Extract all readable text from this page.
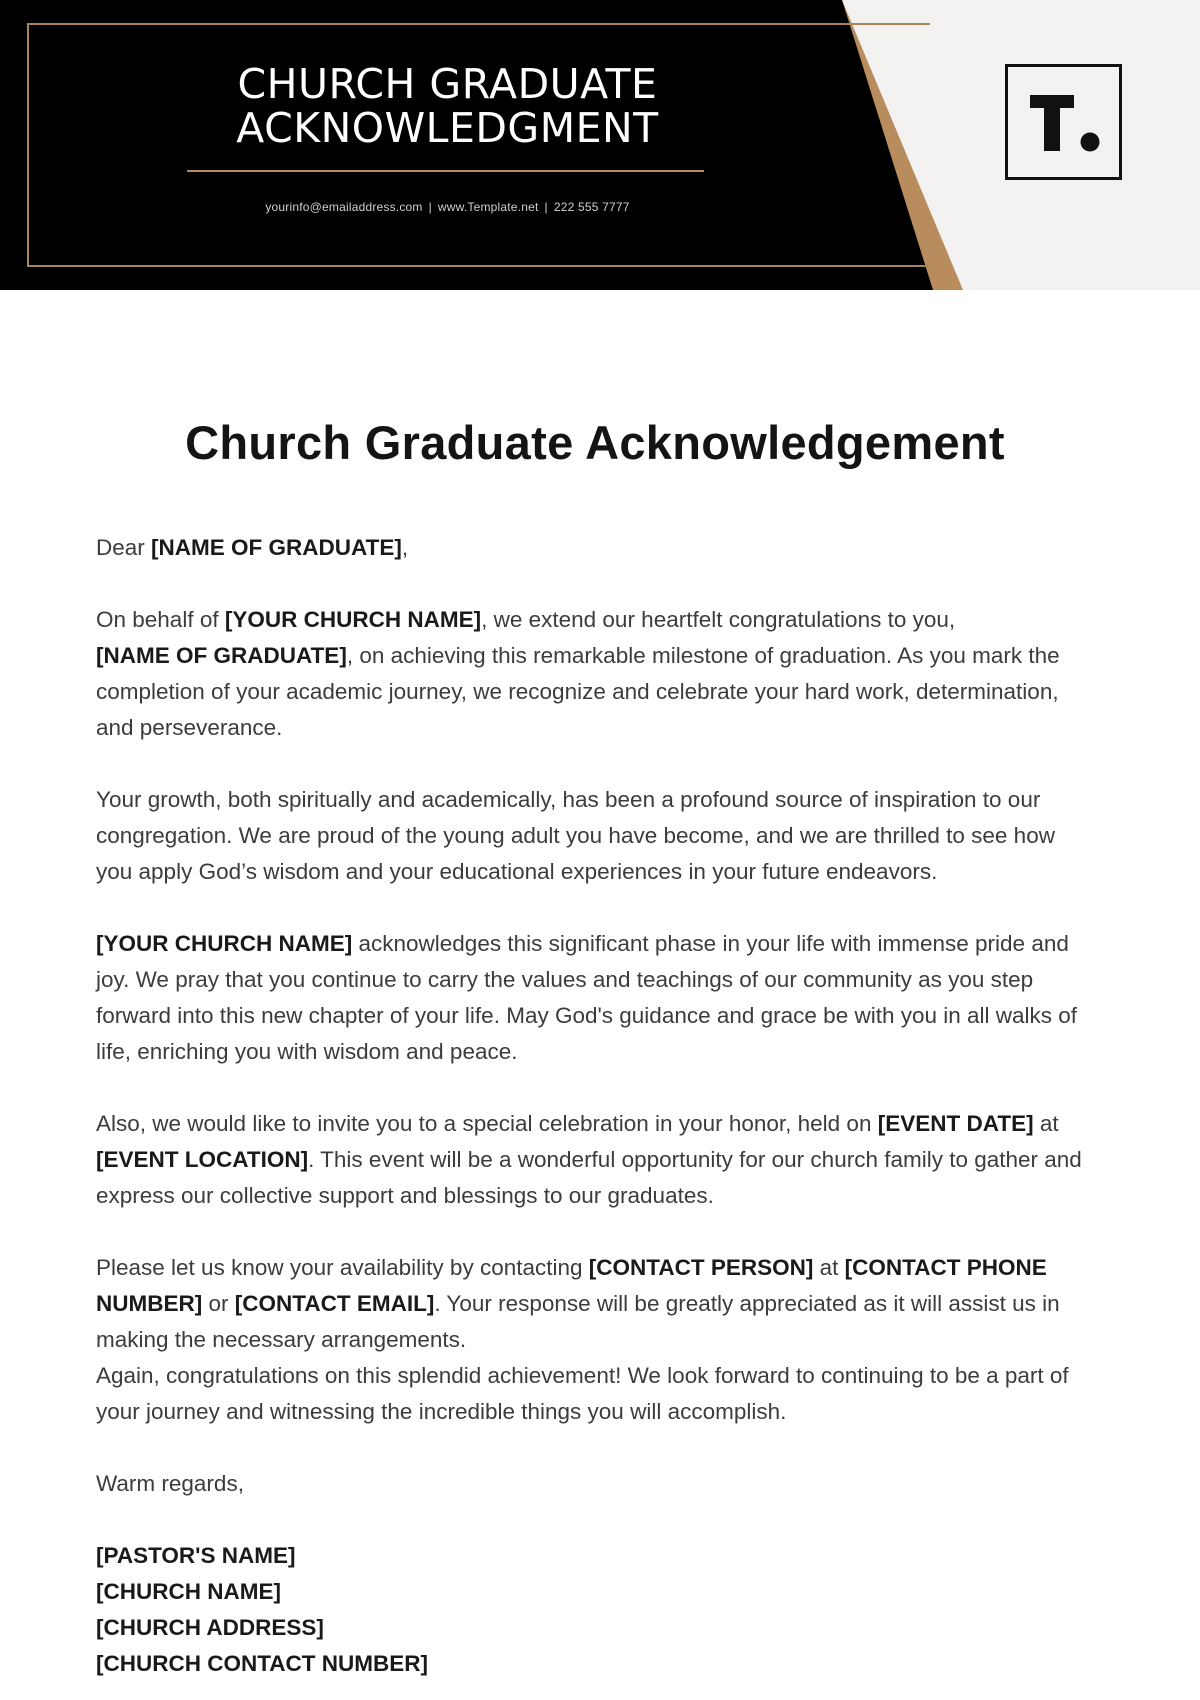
CHURCH GRADUATE
ACKNOWLEDGMENT
yourinfo@emailaddress.com | www.Template.net | 222 555 7777
Church Graduate Acknowledgement

Dear [NAME OF GRADUATE],

On behalf of [YOUR CHURCH NAME], we extend our heartfelt congratulations to you,
[NAME OF GRADUATE], on achieving this remarkable milestone of graduation. As you mark the completion of your academic journey, we recognize and celebrate your hard work, determination, and perseverance.

Your growth, both spiritually and academically, has been a profound source of inspiration to our congregation. We are proud of the young adult you have become, and we are thrilled to see how you apply God’s wisdom and your educational experiences in your future endeavors.

[YOUR CHURCH NAME] acknowledges this significant phase in your life with immense pride and joy. We pray that you continue to carry the values and teachings of our community as you step forward into this new chapter of your life. May God's guidance and grace be with you in all walks of life, enriching you with wisdom and peace.

Also, we would like to invite you to a special celebration in your honor, held on [EVENT DATE] at [EVENT LOCATION]. This event will be a wonderful opportunity for our church family to gather and express our collective support and blessings to our graduates.

Please let us know your availability by contacting [CONTACT PERSON] at [CONTACT PHONE NUMBER] or [CONTACT EMAIL]. Your response will be greatly appreciated as it will assist us in making the necessary arrangements.

Again, congratulations on this splendid achievement! We look forward to continuing to be a part of your journey and witnessing the incredible things you will accomplish.

Warm regards,

[PASTOR'S NAME]
[CHURCH NAME]
[CHURCH ADDRESS]
[CHURCH CONTACT NUMBER]
